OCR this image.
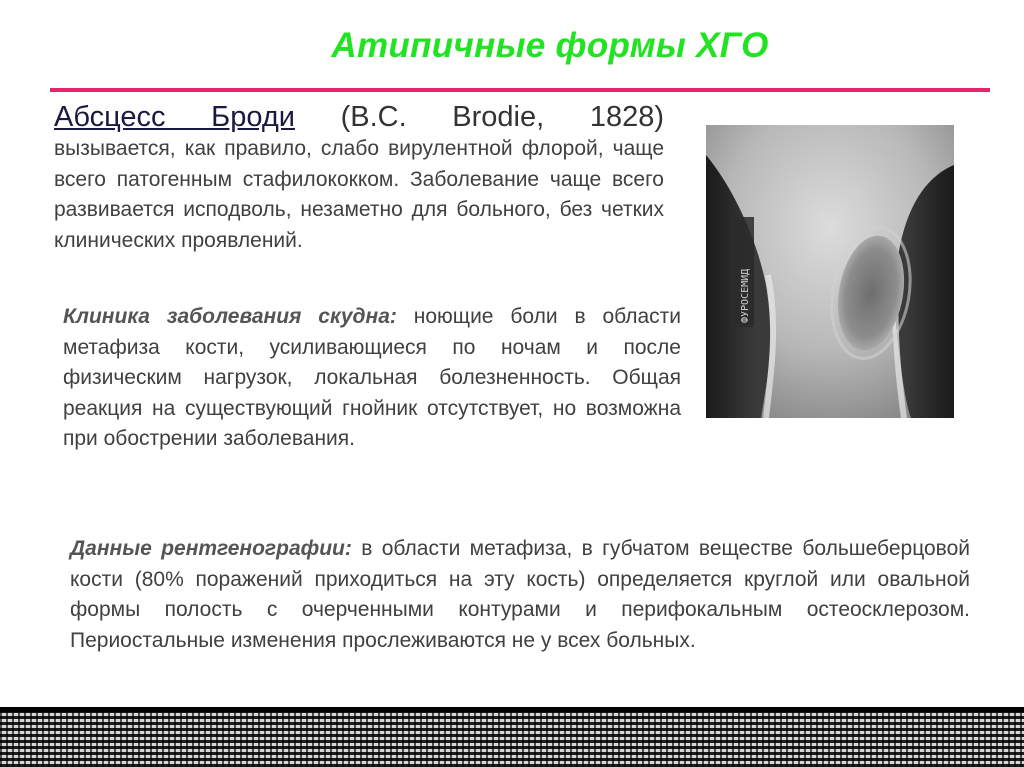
Атипичные формы ХГО
Абсцесс Броди (B.C. Brodie, 1828)
вызывается, как правило, слабо вирулентной флорой, чаще всего патогенным стафилококком. Заболевание чаще всего развивается исподволь, незаметно для больного, без четких клинических проявлений.
Клиника заболевания скудна: ноющие боли в области метафиза кости, усиливающиеся по ночам и после физическим нагрузок, локальная болезненность. Общая реакция на существующий гнойник отсутствует, но возможна при обострении заболевания.
Данные рентгенографии: в области метафиза, в губчатом веществе большеберцовой кости (80% поражений приходиться на эту кость) определяется круглой или овальной формы полость с очерченными контурами и перифокальным остеосклерозом. Периостальные изменения прослеживаются не у всех больных.
ФУРОСЕМИД
